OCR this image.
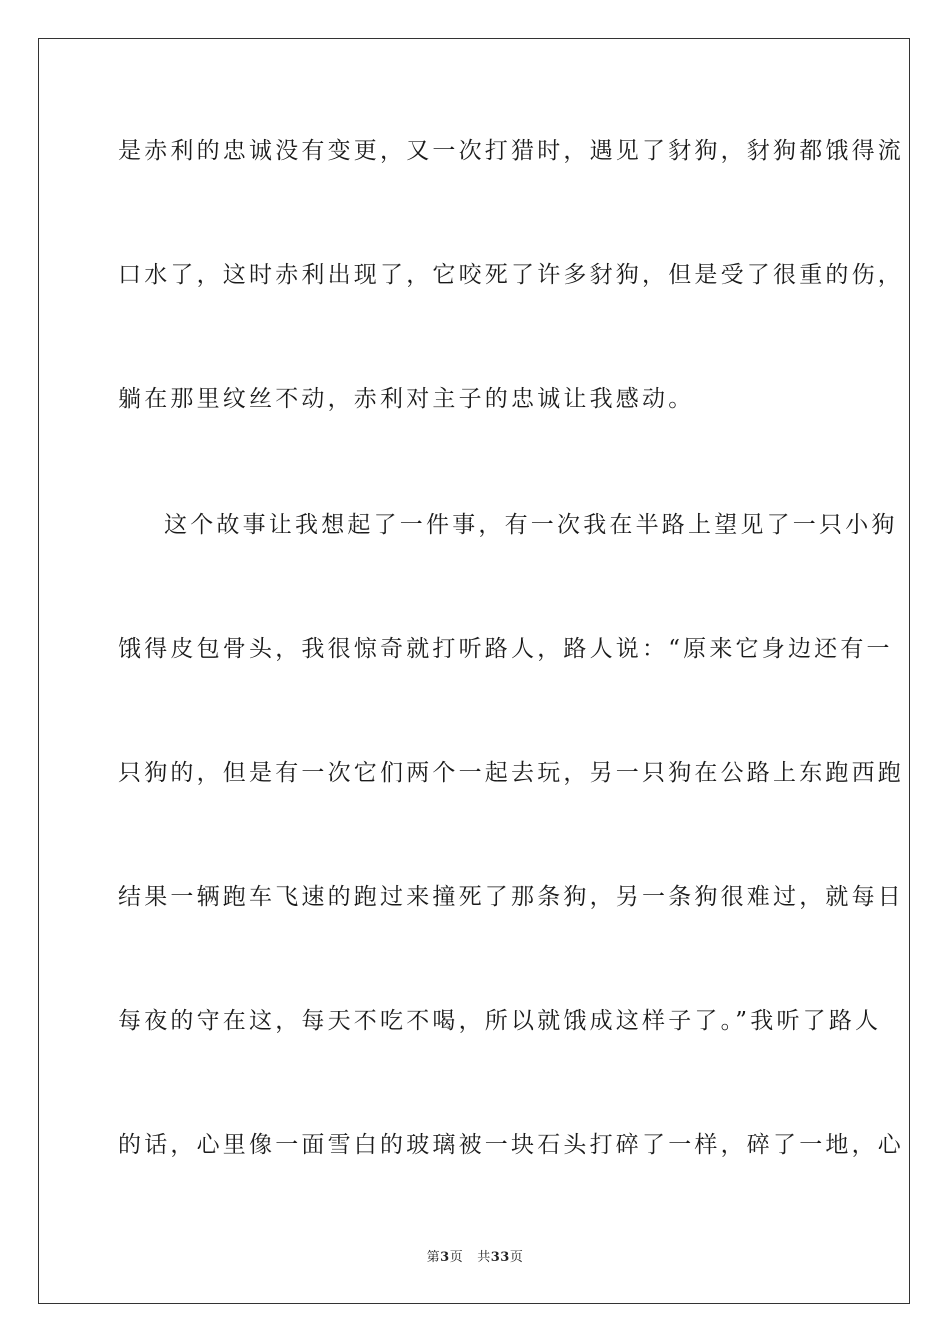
是赤利的忠诚没有变更，又一次打猎时，遇见了豺狗，豺狗都饿得流
口水了，这时赤利出现了，它咬死了许多豺狗，但是受了很重的伤，
躺在那里纹丝不动，赤利对主子的忠诚让我感动。
这个故事让我想起了一件事，有一次我在半路上望见了一只小狗
饿得皮包骨头，我很惊奇就打听路人，路人说：“原来它身边还有一
只狗的，但是有一次它们两个一起去玩，另一只狗在公路上东跑西跑
结果一辆跑车飞速的跑过来撞死了那条狗，另一条狗很难过，就每日
每夜的守在这，每天不吃不喝，所以就饿成这样子了。”我听了路人
的话，心里像一面雪白的玻璃被一块石头打碎了一样，碎了一地，心
第3页 共33页
